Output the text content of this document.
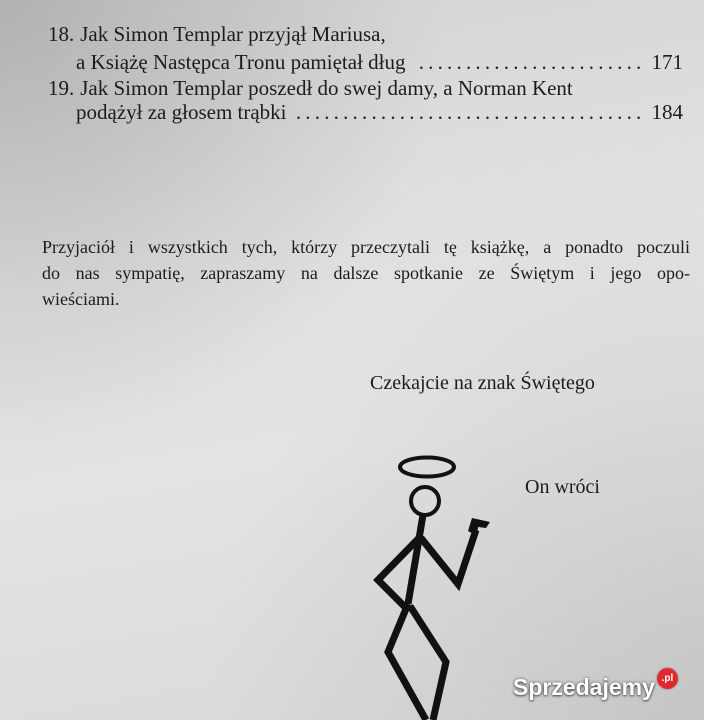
18. Jak Simon Templar przyjął Mariusa,
a Książę Następca Tronu pamiętał dług .....	171
19. Jak Simon Templar poszedł do swej damy, a Norman Kent
podążył za głosem trąbki .....	184
Przyjaciół i wszystkich tych, którzy przeczytali tę książkę, a ponadto poczuli
do nas sympatię, zapraszamy na dalsze spotkanie ze Świętym i jego opo-
wieściami.
Czekajcie na znak Świętego
On wróci
Sprzedajemy .pl
